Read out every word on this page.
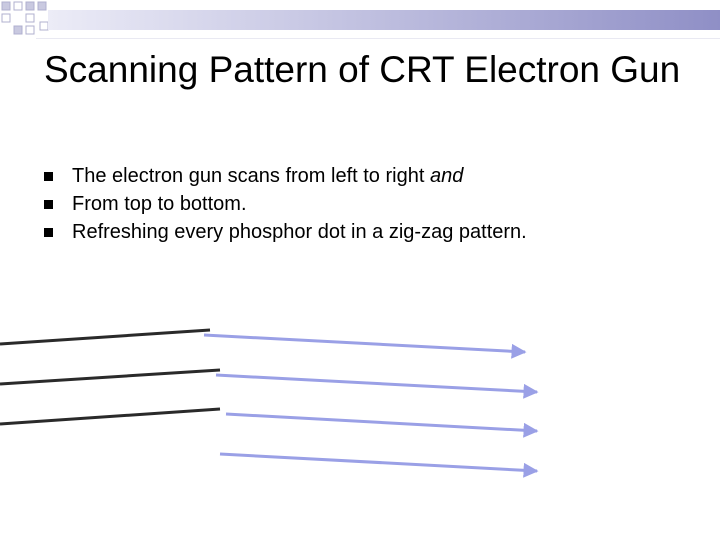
Scanning Pattern of CRT Electron Gun
The electron gun scans from left to right and
From top to bottom.
Refreshing every phosphor dot in a zig-zag pattern.
